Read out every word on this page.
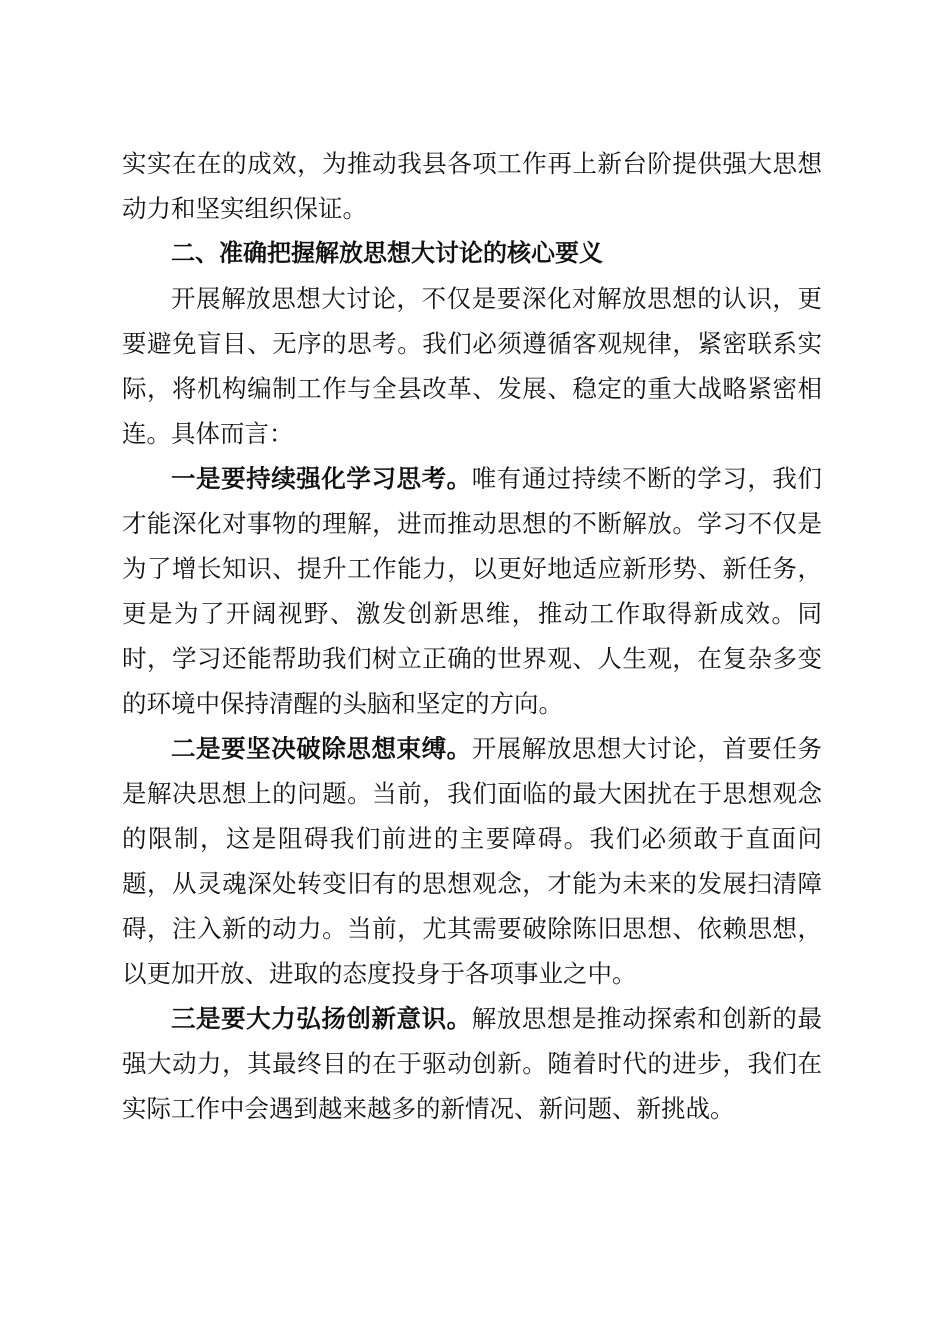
实实在在的成效，为推动我县各项工作再上新台阶提供强大思想动力和坚实组织保证。

二、准确把握解放思想大讨论的核心要义

开展解放思想大讨论，不仅是要深化对解放思想的认识，更要避免盲目、无序的思考。我们必须遵循客观规律，紧密联系实际，将机构编制工作与全县改革、发展、稳定的重大战略紧密相连。具体而言：

一是要持续强化学习思考。唯有通过持续不断的学习，我们才能深化对事物的理解，进而推动思想的不断解放。学习不仅是为了增长知识、提升工作能力，以更好地适应新形势、新任务，更是为了开阔视野、激发创新思维，推动工作取得新成效。同时，学习还能帮助我们树立正确的世界观、人生观，在复杂多变的环境中保持清醒的头脑和坚定的方向。

二是要坚决破除思想束缚。开展解放思想大讨论，首要任务是解决思想上的问题。当前，我们面临的最大困扰在于思想观念的限制，这是阻碍我们前进的主要障碍。我们必须敢于直面问题，从灵魂深处转变旧有的思想观念，才能为未来的发展扫清障碍，注入新的动力。当前，尤其需要破除陈旧思想、依赖思想，以更加开放、进取的态度投身于各项事业之中。

三是要大力弘扬创新意识。解放思想是推动探索和创新的最强大动力，其最终目的在于驱动创新。随着时代的进步，我们在实际工作中会遇到越来越多的新情况、新问题、新挑战。
